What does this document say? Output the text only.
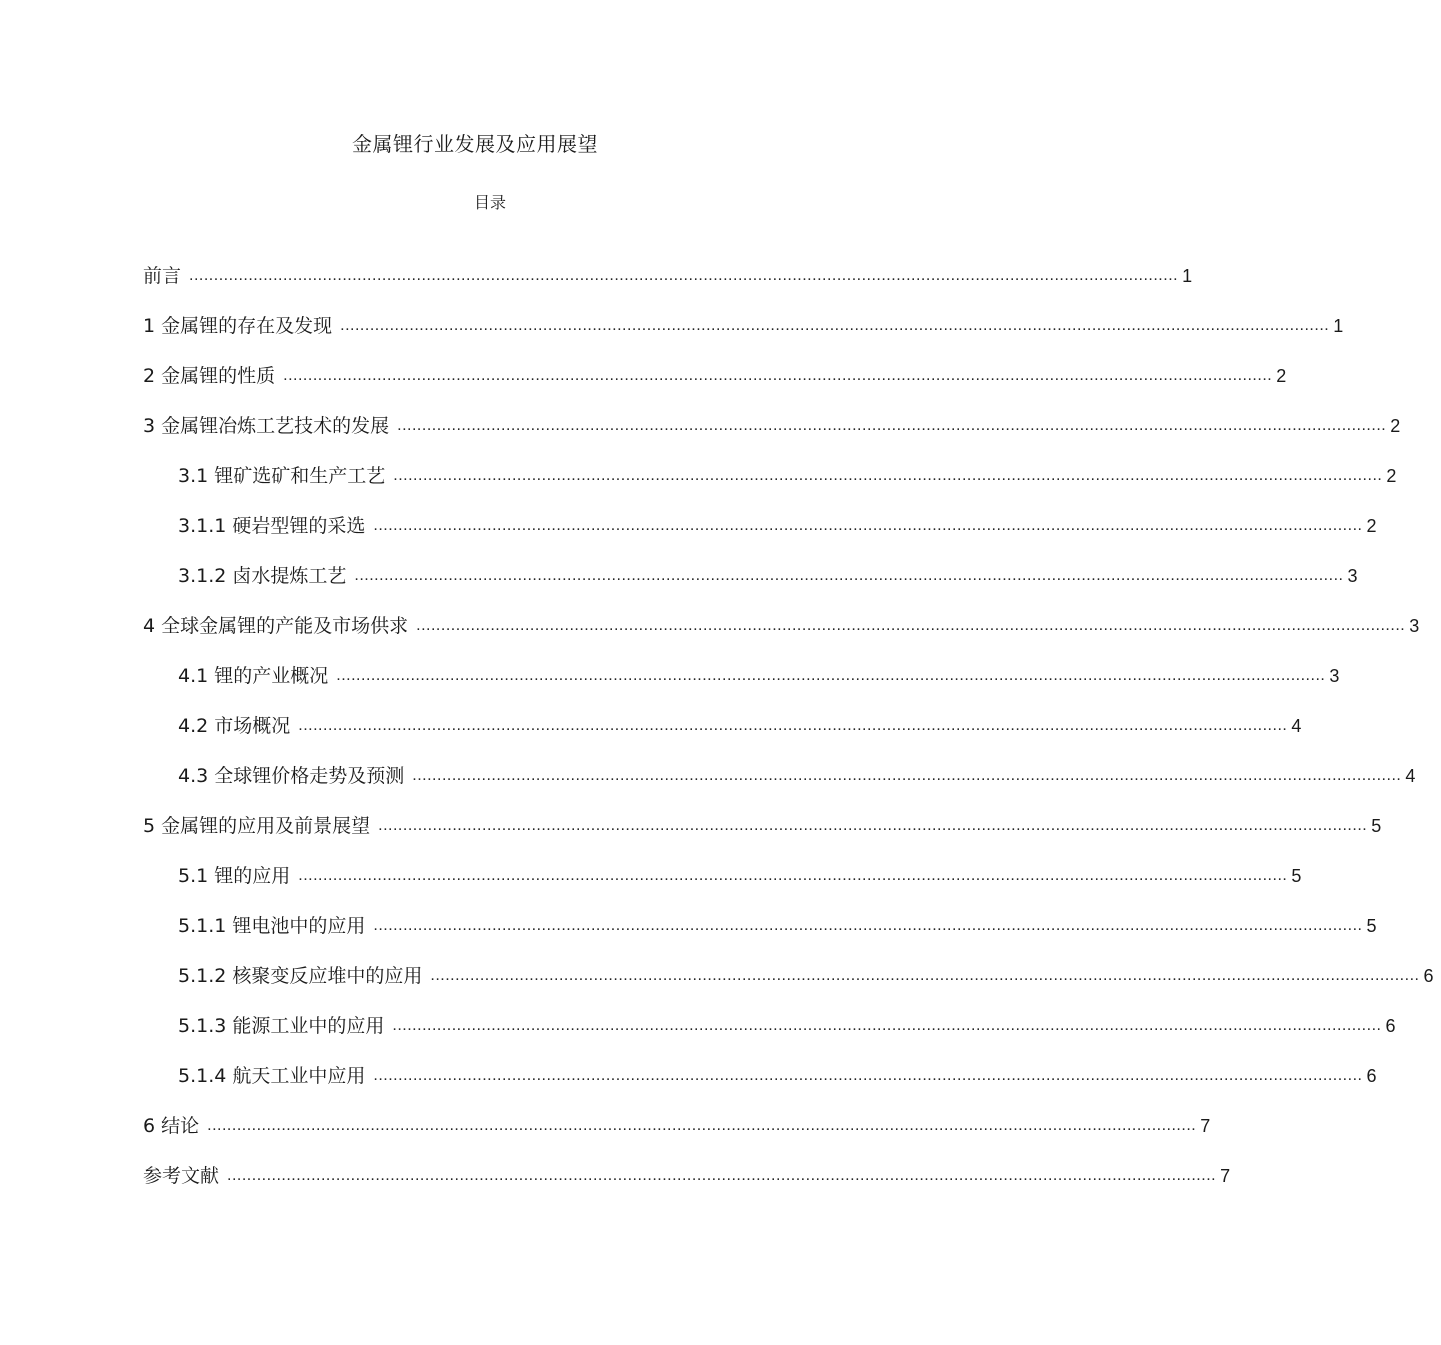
金属锂行业发展及应用展望
目录
前言 ........................................................................................................................................................................................................ 1
1 金属锂的存在及发现 ........................................................................................................................................................................................................ 1
2 金属锂的性质 ........................................................................................................................................................................................................ 2
3 金属锂冶炼工艺技术的发展 ........................................................................................................................................................................................................ 2
3.1 锂矿选矿和生产工艺 ........................................................................................................................................................................................................ 2
3.1.1 硬岩型锂的采选 ........................................................................................................................................................................................................ 2
3.1.2 卤水提炼工艺 ........................................................................................................................................................................................................ 3
4 全球金属锂的产能及市场供求 ........................................................................................................................................................................................................ 3
4.1 锂的产业概况 ........................................................................................................................................................................................................ 3
4.2 市场概况 ........................................................................................................................................................................................................ 4
4.3 全球锂价格走势及预测 ........................................................................................................................................................................................................ 4
5 金属锂的应用及前景展望 ........................................................................................................................................................................................................ 5
5.1 锂的应用 ........................................................................................................................................................................................................ 5
5.1.1 锂电池中的应用 ........................................................................................................................................................................................................ 5
5.1.2 核聚变反应堆中的应用 ........................................................................................................................................................................................................ 6
5.1.3 能源工业中的应用 ........................................................................................................................................................................................................ 6
5.1.4 航天工业中应用 ........................................................................................................................................................................................................ 6
6 结论 ........................................................................................................................................................................................................ 7
参考文献 ........................................................................................................................................................................................................ 7
